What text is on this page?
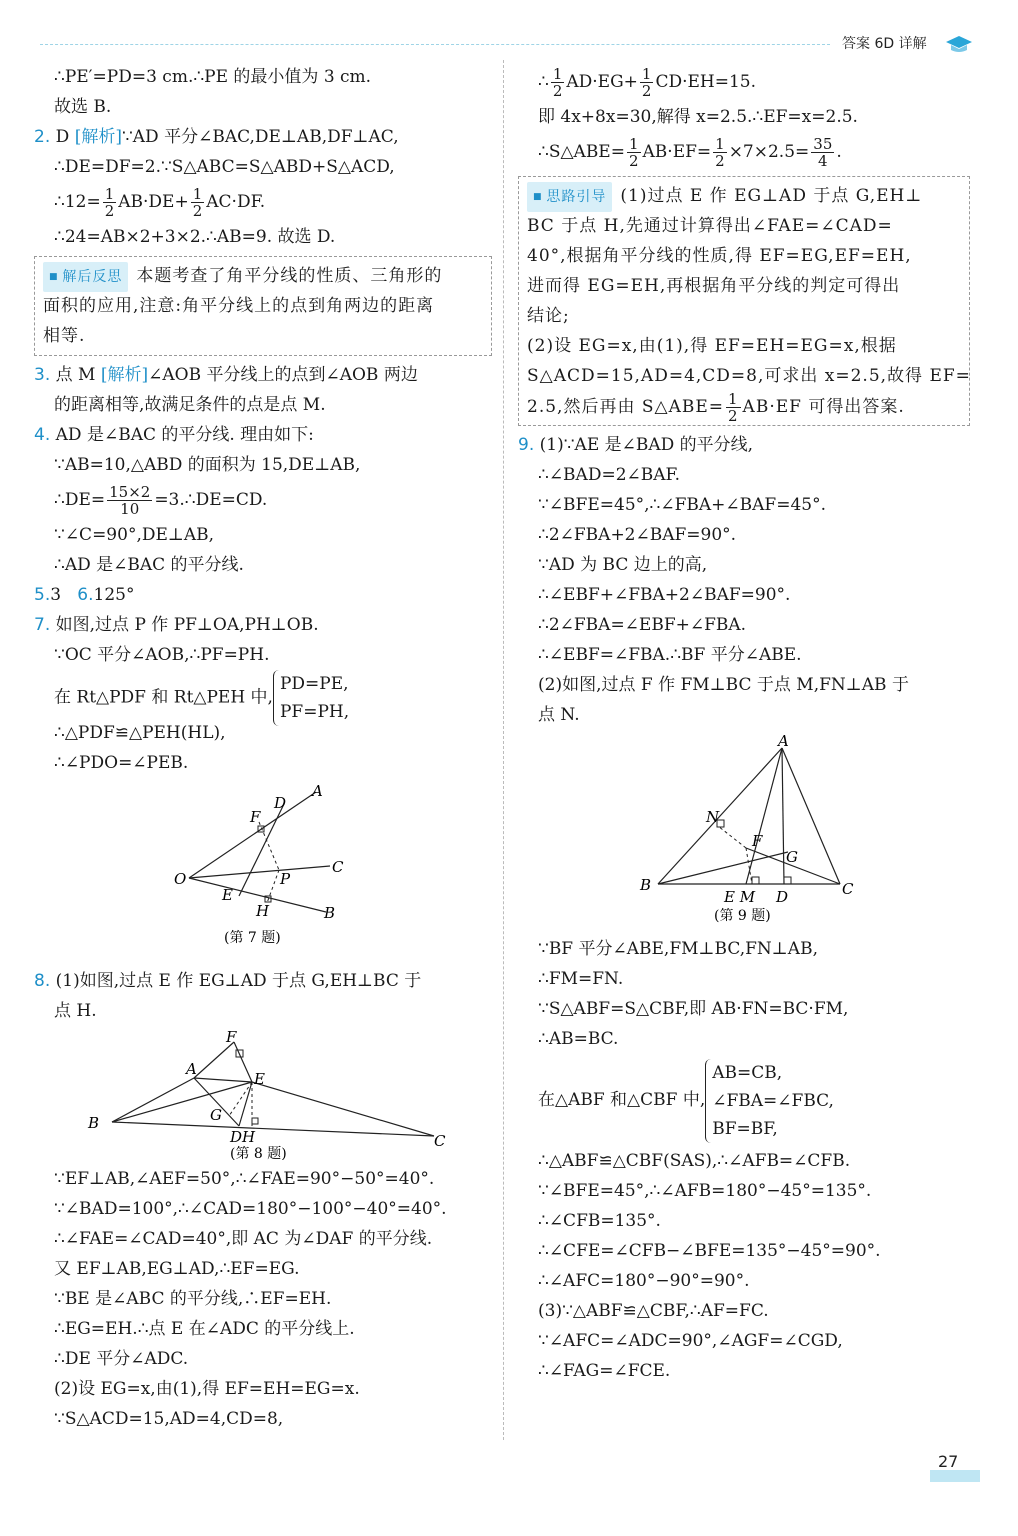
答案 6D 详解
∴PE′=PD=3 cm.∴PE 的最小值为 3 cm.
故选 B.
2. D [解析]∵AD 平分∠BAC,DE⊥AB,DF⊥AC,
∴DE=DF=2.∵S△ABC=S△ABD+S△ACD,
∴12= $\frac{1}{2} AB\cdot DE+ \frac{1}{2} AC\cdot DF$.
∴24=AB×2+3×2.∴AB=9. 故选 D.
■ 解后反思 本题考查了角平分线的性质、三角形的
面积的应用,注意:角平分线上的点到角两边的距离
相等.
3. 点 M [解析]∠AOB 平分线上的点到∠AOB 两边
的距离相等,故满足条件的点是点 M.
4. AD 是∠BAC 的平分线. 理由如下:
∵AB=10,△ABD 的面积为 15,DE⊥AB,
∴DE= $\frac{15\times 2}{10}$ =3.∴DE=CD.
∵∠C=90°,DE⊥AB,
∴AD 是∠BAC 的平分线.
5.3 6.125°
7. 如图,过点 P 作 PF⊥OA,PH⊥OB.
∵OC 平分∠AOB,∴PF=PH.
在 Rt△PDF 和 Rt△PEH 中,
PD=PE,
PF=PH,
∴△PDF≌△PEH(HL),
∴∠PDO=∠PEB.
A
B
C
D
E
F
H
O	P
(第 7 题)
8. (1)如图,过点 E 作 EG⊥AD 于点 G,EH⊥BC 于
点 H.
A
B
C
DH
E
F
G
(第 8 题)
∵EF⊥AB,∠AEF=50°,∴∠FAE=90°−50°=40°.
∵∠BAD=100°,∴∠CAD=180°−100°−40°=40°.
∴∠FAE=∠CAD=40°,即 AC 为∠DAF 的平分线.
又 EF⊥AB,EG⊥AD,∴EF=EG.
∵BE 是∠ABC 的平分线,∴EF=EH.
∴EG=EH.∴点 E 在∠ADC 的平分线上.
∴DE 平分∠ADC.
(2)设 EG=x,由(1),得 EF=EH=EG=x.
∵S△ACD=15,AD=4,CD=8,
∴ $\frac{1}{2} AD\cdot EG+ \frac{1}{2} CD\cdot EH=15$.
即 4x+8x=30,解得 x=2.5.∴EF=x=2.5.
∴S△ABE= $\frac{1}{2} AB\cdot EF= \frac{1}{2} \times 7\times 2.5= \frac{35}{4}$ .
■ 思路引导 (1)过点 E 作 EG⊥AD 于点 G,EH⊥
BC 于点 H,先通过计算得出∠FAE=∠CAD=
40°,根据角平分线的性质,得 EF=EG,EF=EH,
进而得 EG=EH,再根据角平分线的判定可得出
结论;
(2)设 EG=x,由(1),得 EF=EH=EG=x,根据
S△ACD=15,AD=4,CD=8,可求出 x=2.5,故得 EF=
2.5,然后再由 S△ABE= $\frac{1}{2} AB\cdot EF$ 可得出答案.
9. (1)∵AE 是∠BAD 的平分线,
∴∠BAD=2∠BAF.
∵∠BFE=45°,∴∠FBA+∠BAF=45°.
∴2∠FBA+2∠BAF=90°.
∵AD 为 BC 边上的高,
∴∠EBF+∠FBA+2∠BAF=90°.
∴2∠FBA=∠EBF+∠FBA.
∴∠EBF=∠FBA.∴BF 平分∠ABE.
(2)如图,过点 F 作 FM⊥BC 于点 M,FN⊥AB 于
点 N.
A
B	C
D
E M
F
G
N
(第 9 题)
∵BF 平分∠ABE,FM⊥BC,FN⊥AB,
∴FM=FN.
∵S△ABF=S△CBF,即 AB·FN=BC·FM,
∴AB=BC.
在△ABF 和△CBF 中,
AB=CB,
∠FBA=∠FBC,
BF=BF,
∴△ABF≌△CBF(SAS),∴∠AFB=∠CFB.
∵∠BFE=45°,∴∠AFB=180°−45°=135°.
∴∠CFB=135°.
∴∠CFE=∠CFB−∠BFE=135°−45°=90°.
∴∠AFC=180°−90°=90°.
(3)∵△ABF≌△CBF,∴AF=FC.
∵∠AFC=∠ADC=90°,∠AGF=∠CGD,
∴∠FAG=∠FCE.
27
